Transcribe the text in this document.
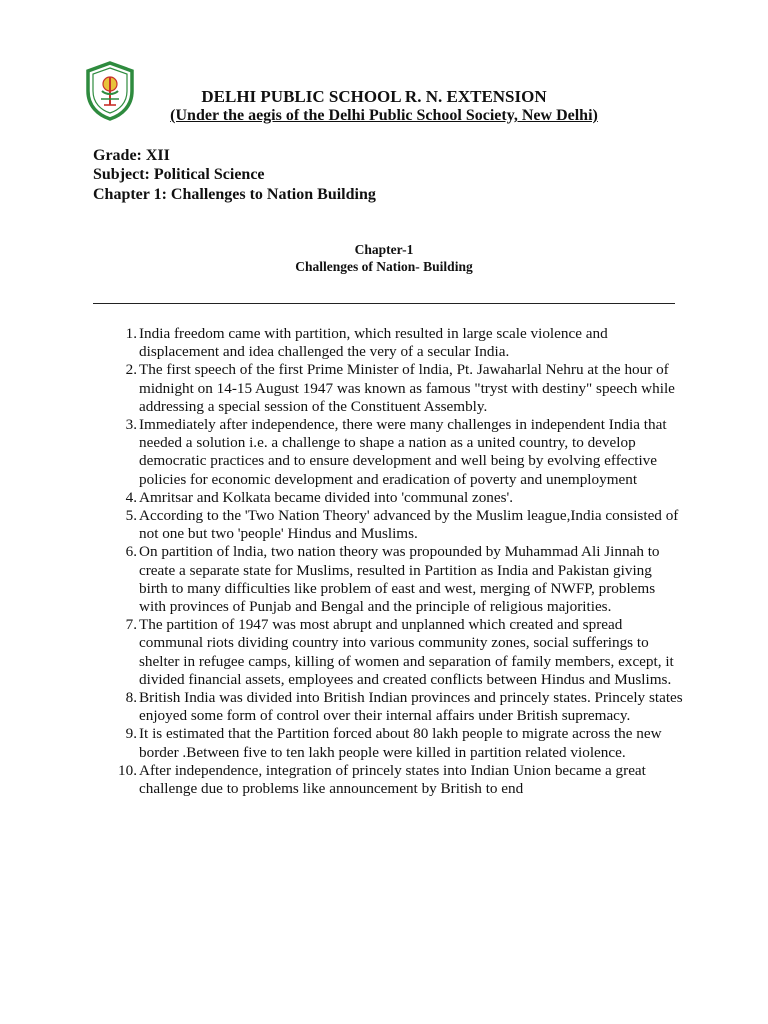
DELHI PUBLIC SCHOOL R. N. EXTENSION
(Under the aegis of the Delhi Public School Society, New Delhi)
Grade: XII
Subject: Political Science
Chapter 1: Challenges to Nation Building
Chapter-1
Challenges of Nation- Building
1. India freedom came with partition, which resulted in large scale violence and displacement and idea challenged the very of a secular India.
2. The first speech of the first Prime Minister of lndia, Pt. Jawaharlal Nehru at the hour of midnight on 14-15 August 1947 was known as famous "tryst with destiny" speech while addressing a special session of the Constituent Assembly.
3. Immediately after independence, there were many challenges in independent India that needed a solution i.e. a challenge to shape a nation as a united country, to develop democratic practices and to ensure development and well being by evolving effective policies for economic development and eradication of poverty and unemployment
4. Amritsar and Kolkata became divided into 'communal zones'.
5. According to the 'Two Nation Theory' advanced by the Muslim league,India consisted of not one but two 'people' Hindus and Muslims.
6. On partition of lndia, two nation theory was propounded by Muhammad Ali Jinnah to create a separate state for Muslims, resulted in Partition as India and Pakistan giving birth to many difficulties like problem of east and west, merging of NWFP, problems with provinces of Punjab and Bengal and the principle of religious majorities.
7. The partition of 1947 was most abrupt and unplanned which created and spread communal riots dividing country into various community zones, social sufferings to shelter in refugee camps, killing of women and separation of family members, except, it divided financial assets, employees and created conflicts between Hindus and Muslims.
8. British India was divided into British Indian provinces and princely states. Princely states enjoyed some form of control over their internal affairs under British supremacy.
9. It is estimated that the Partition forced about 80 lakh people to migrate across the new border .Between five to ten lakh people were killed in partition related violence.
10. After independence, integration of princely states into Indian Union became a great challenge due to problems like announcement by British to end
